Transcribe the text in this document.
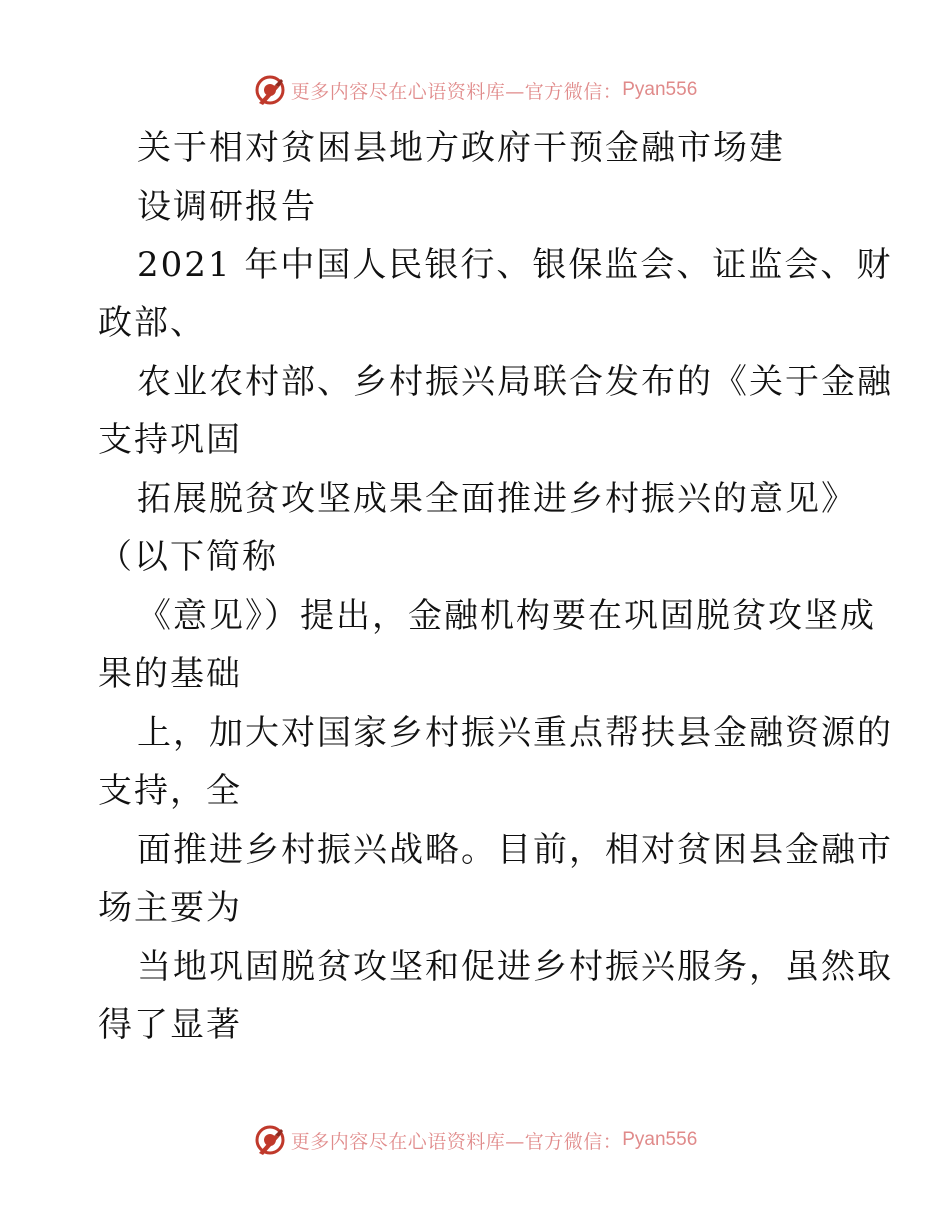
更多内容尽在心语资料库—官方微信： Pyan556
关于相对贫困县地方政府干预金融市场建
设调研报告
2021 年中国人民银行、银保监会、证监会、财
政部、
农业农村部、乡村振兴局联合发布的《关于金融
支持巩固
拓展脱贫攻坚成果全面推进乡村振兴的意见》
（以下简称
《意见》）提出，金融机构要在巩固脱贫攻坚成
果的基础
上，加大对国家乡村振兴重点帮扶县金融资源的
支持，全
面推进乡村振兴战略。目前，相对贫困县金融市
场主要为
当地巩固脱贫攻坚和促进乡村振兴服务，虽然取
得了显著
更多内容尽在心语资料库—官方微信： Pyan556
